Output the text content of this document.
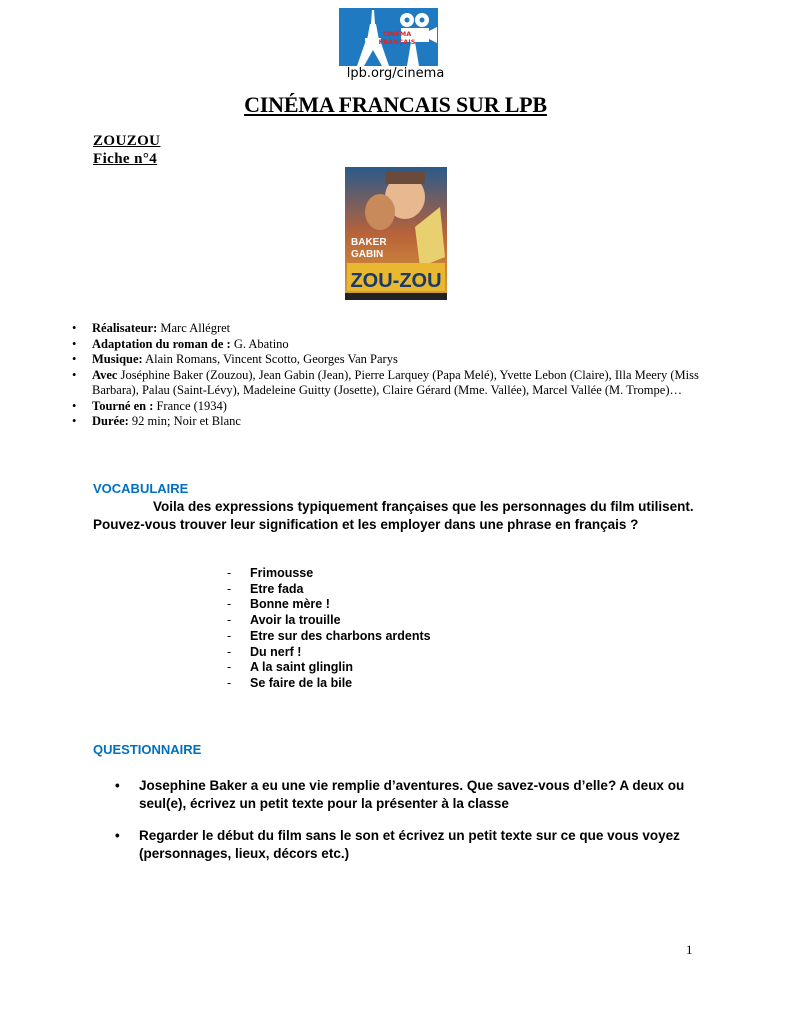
CINÉMA
FRANÇAIS
lpb.org/cinema
CINÉMA FRANCAIS SUR LPB
ZOUZOU
Fiche n°4
BAKER
GABIN
ZOU-ZOU
• Réalisateur: Marc Allégret
• Adaptation du roman de : G. Abatino
• Musique: Alain Romans, Vincent Scotto, Georges Van Parys
• Avec Joséphine Baker (Zouzou), Jean Gabin (Jean), Pierre Larquey (Papa Melé), Yvette Lebon (Claire), Illa Meery (Miss Barbara), Palau (Saint-Lévy), Madeleine Guitty (Josette), Claire Gérard (Mme. Vallée), Marcel Vallée (M. Trompe)…
• Tourné en : France (1934)
• Durée: 92 min; Noir et Blanc
VOCABULAIRE
Voila des expressions typiquement françaises que les personnages du film utilisent. Pouvez-vous trouver leur signification et les employer dans une phrase en français ?
- Frimousse
- Etre fada
- Bonne mère !
- Avoir la trouille
- Etre sur des charbons ardents
- Du nerf !
- A la saint glinglin
- Se faire de la bile
QUESTIONNAIRE
• Josephine Baker a eu une vie remplie d’aventures. Que savez-vous d’elle? A deux ou seul(e), écrivez un petit texte pour la présenter à la classe
• Regarder le début du film sans le son et écrivez un petit texte sur ce que vous voyez (personnages, lieux, décors etc.)
1
